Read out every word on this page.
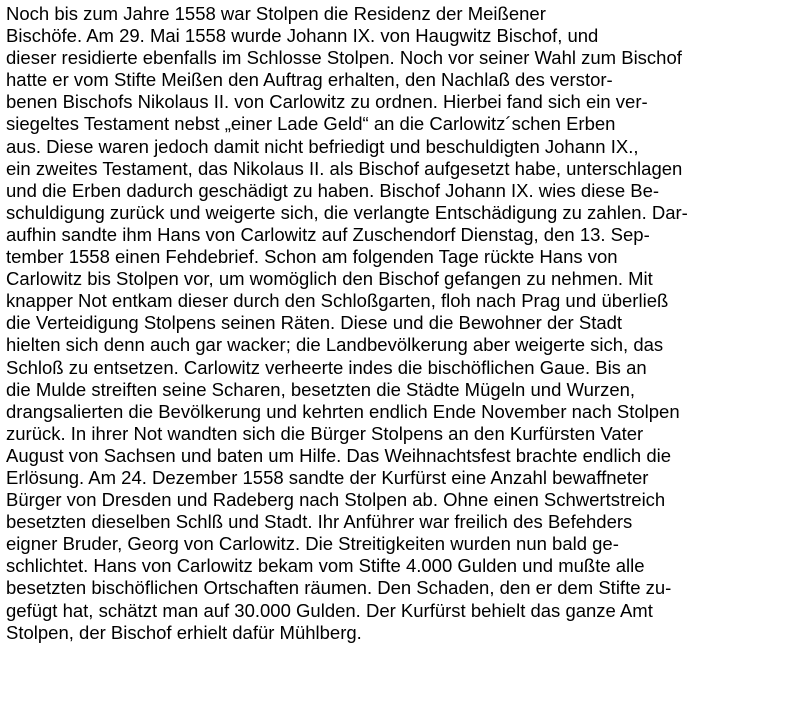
Noch bis zum Jahre 1558 war Stolpen die Residenz der Meißener
Bischöfe. Am 29. Mai 1558 wurde Johann IX. von Haugwitz Bischof, und
dieser residierte ebenfalls im Schlosse Stolpen. Noch vor seiner Wahl zum Bischof
hatte er vom Stifte Meißen den Auftrag erhalten, den Nachlaß des verstor-
benen Bischofs Nikolaus II. von Carlowitz zu ordnen. Hierbei fand sich ein ver-
siegeltes Testament nebst „einer Lade Geld“ an die Carlowitz´schen Erben
aus. Diese waren jedoch damit nicht befriedigt und beschuldigten Johann IX.,
ein zweites Testament, das Nikolaus II. als Bischof aufgesetzt habe, unterschlagen
und die Erben dadurch geschädigt zu haben. Bischof Johann IX. wies diese Be-
schuldigung zurück und weigerte sich, die verlangte Entschädigung zu zahlen. Dar-
aufhin sandte ihm Hans von Carlowitz auf Zuschendorf Dienstag, den 13. Sep-
tember 1558 einen Fehdebrief. Schon am folgenden Tage rückte Hans von
Carlowitz bis Stolpen vor, um womöglich den Bischof gefangen zu nehmen. Mit
knapper Not entkam dieser durch den Schloßgarten, floh nach Prag und überließ
die Verteidigung Stolpens seinen Räten. Diese und die Bewohner der Stadt
hielten sich denn auch gar wacker; die Landbevölkerung aber weigerte sich, das
Schloß zu entsetzen. Carlowitz verheerte indes die bischöflichen Gaue. Bis an
die Mulde streiften seine Scharen, besetzten die Städte Mügeln und Wurzen,
drangsalierten die Bevölkerung und kehrten endlich Ende November nach Stolpen
zurück. In ihrer Not wandten sich die Bürger Stolpens an den Kurfürsten Vater
August von Sachsen und baten um Hilfe. Das Weihnachtsfest brachte endlich die
Erlösung. Am 24. Dezember 1558 sandte der Kurfürst eine Anzahl bewaffneter
Bürger von Dresden und Radeberg nach Stolpen ab. Ohne einen Schwertstreich
besetzten dieselben Schlß und Stadt. Ihr Anführer war freilich des Befehders
eigner Bruder, Georg von Carlowitz. Die Streitigkeiten wurden nun bald ge-
schlichtet. Hans von Carlowitz bekam vom Stifte 4.000 Gulden und mußte alle
besetzten bischöflichen Ortschaften räumen. Den Schaden, den er dem Stifte zu-
gefügt hat, schätzt man auf 30.000 Gulden. Der Kurfürst behielt das ganze Amt
Stolpen, der Bischof erhielt dafür Mühlberg.
